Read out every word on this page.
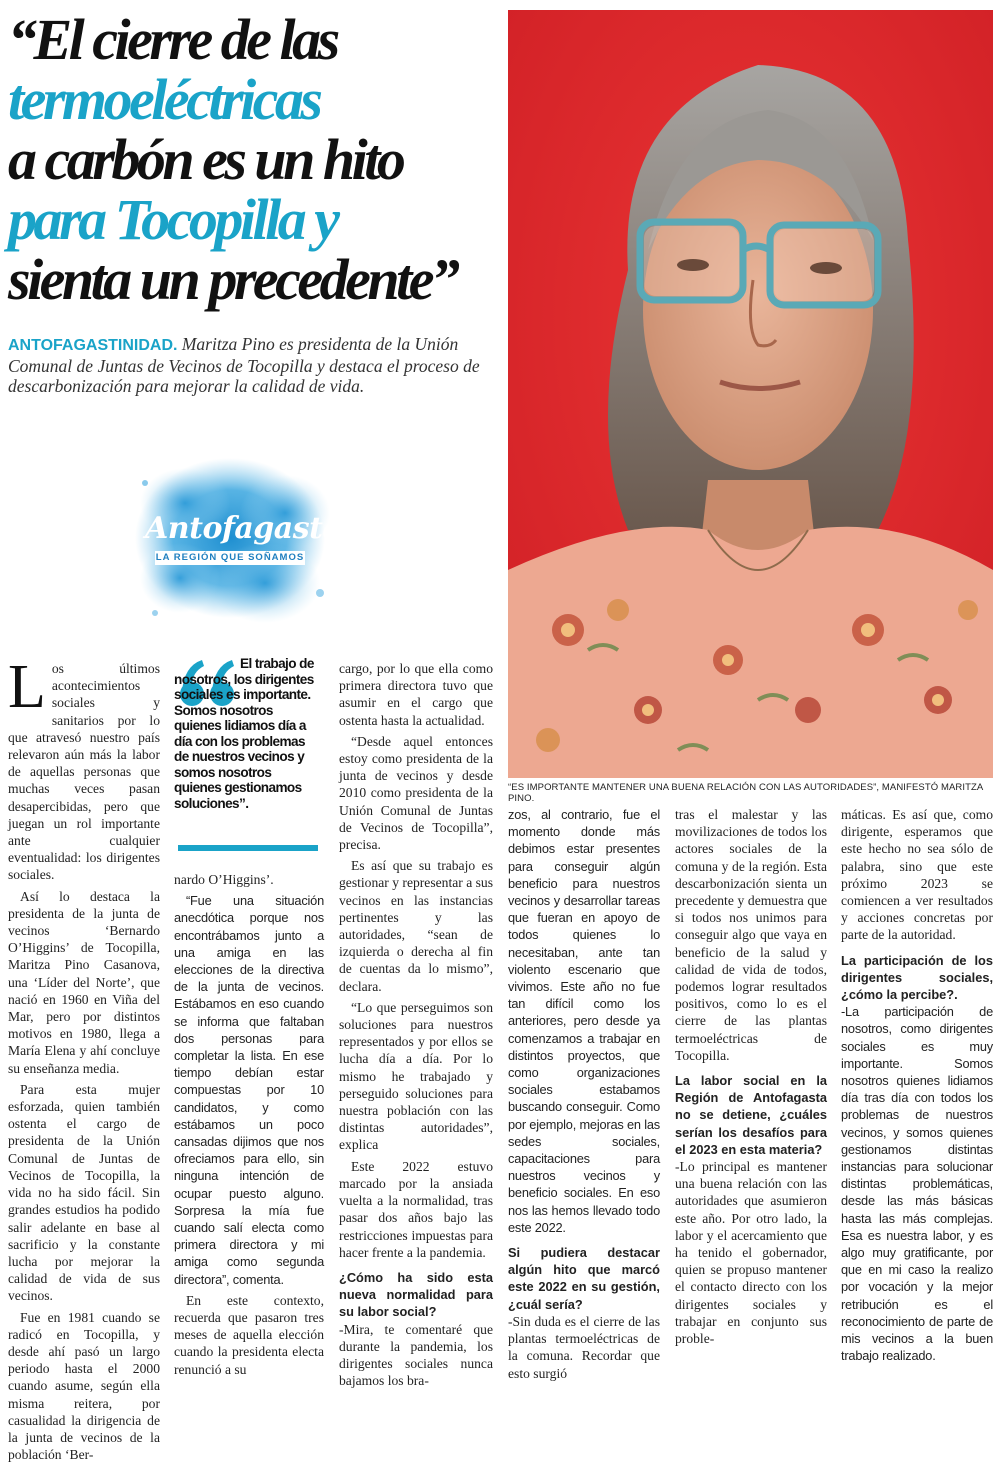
“El cierre de las
termoeléctricas
a carbón es un hito
para Tocopilla y
sienta un precedente”
ANTOFAGASTINIDAD. Maritza Pino es presidenta de la Unión Comunal de Juntas de Vecinos de Tocopilla y destaca el proceso de descarbonización para mejorar la calidad de vida.
Antofagasta
LA REGIÓN QUE SOÑAMOS
“ES IMPORTANTE MANTENER UNA BUENA RELACIÓN CON LAS AUTORIDADES”, MANIFESTÓ MARITZA PINO.

L os últimos acontecimientos sociales y sanitarios por lo que atravesó nuestro país relevaron aún más la labor de aquellas personas que muchas veces pasan desapercibidas, pero que juegan un rol importante ante cualquier eventualidad: los dirigentes sociales.

Así lo destaca la presidenta de la junta de vecinos ‘Bernardo O’Higgins’ de Tocopilla, Maritza Pino Casanova, una ‘Líder del Norte’, que nació en 1960 en Viña del Mar, pero por distintos motivos en 1980, llega a María Elena y ahí concluye su enseñanza media.

Para esta mujer esforzada, quien también ostenta el cargo de presidenta de la Unión Comunal de Juntas de Vecinos de Tocopilla, la vida no ha sido fácil. Sin grandes estudios ha podido salir adelante en base al sacrificio y la constante lucha por mejorar la calidad de vida de sus vecinos.

Fue en 1981 cuando se radicó en Tocopilla, y desde ahí pasó un largo periodo hasta el 2000 cuando asume, según ella misma reitera, por casualidad la dirigencia de la junta de vecinos de la población ‘Ber-

El trabajo de nosotros, los dirigentes sociales es importante. Somos nosotros quienes lidiamos día a día con los problemas de nuestros vecinos y somos nosotros quienes gestionamos soluciones”.

nardo O’Higgins’.

“Fue una situación anecdótica porque nos encontrábamos junto a una amiga en las elecciones de la directiva de la junta de vecinos. Estábamos en eso cuando se informa que faltaban dos personas para completar la lista. En ese tiempo debían estar compuestas por 10 candidatos, y como estábamos un poco cansadas dijimos que nos ofreciamos para ello, sin ninguna intención de ocupar puesto alguno. Sorpresa la mía fue cuando salí electa como primera directora y mi amiga como segunda directora”, comenta.

En este contexto, recuerda que pasaron tres meses de aquella elección cuando la presidenta electa renunció a su

cargo, por lo que ella como primera directora tuvo que asumir en el cargo que ostenta hasta la actualidad.

“Desde aquel entonces estoy como presidenta de la junta de vecinos y desde 2010 como presidenta de la Unión Comunal de Juntas de Vecinos de Tocopilla”, precisa.

Es así que su trabajo es gestionar y representar a sus vecinos en las instancias pertinentes y las autoridades, “sean de izquierda o derecha al fin de cuentas da lo mismo”, declara.

“Lo que perseguimos son soluciones para nuestros representados y por ellos se lucha día a día. Por lo mismo he trabajado y perseguido soluciones para nuestra población con las distintas autoridades”, explica

Este 2022 estuvo marcado por la ansiada vuelta a la normalidad, tras pasar dos años bajo las restricciones impuestas para hacer frente a la pandemia.

¿Cómo ha sido esta nueva normalidad para su labor social?

-Mira, te comentaré que durante la pandemia, los dirigentes sociales nunca bajamos los bra-

zos, al contrario, fue el momento donde más debimos estar presentes para conseguir algún beneficio para nuestros vecinos y desarrollar tareas que fueran en apoyo de todos quienes lo necesitaban, ante tan violento escenario que vivimos. Este año no fue tan difícil como los anteriores, pero desde ya comenzamos a trabajar en distintos proyectos, que como organizaciones sociales estabamos buscando conseguir. Como por ejemplo, mejoras en las sedes sociales, capacitaciones para nuestros vecinos y beneficio sociales. En eso nos las hemos llevado todo este 2022.

Si pudiera destacar algún hito que marcó este 2022 en su gestión, ¿cuál sería?

-Sin duda es el cierre de las plantas termoeléctricas de la comuna. Recordar que esto surgió

tras el malestar y las movilizaciones de todos los actores sociales de la comuna y de la región. Esta descarbonización sienta un precedente y demuestra que si todos nos unimos para conseguir algo que vaya en beneficio de la salud y calidad de vida de todos, podemos lograr resultados positivos, como lo es el cierre de las plantas termoeléctricas de Tocopilla.

La labor social en la Región de Antofagasta no se detiene, ¿cuáles serían los desafíos para el 2023 en esta materia?

-Lo principal es mantener una buena relación con las autoridades que asumieron este año. Por otro lado, la labor y el acercamiento que ha tenido el gobernador, quien se propuso mantener el contacto directo con los dirigentes sociales y trabajar en conjunto sus proble-

máticas. Es así que, como dirigente, esperamos que este hecho no sea sólo de palabra, sino que este próximo 2023 se comiencen a ver resultados y acciones concretas por parte de la autoridad.

La participación de los dirigentes sociales, ¿cómo la percibe?.

-La participación de nosotros, como dirigentes sociales es muy importante. Somos nosotros quienes lidiamos día tras día con todos los problemas de nuestros vecinos, y somos quienes gestionamos distintas instancias para solucionar distintas problemáticas, desde las más básicas hasta las más complejas. Esa es nuestra labor, y es algo muy gratificante, por que en mi caso la realizo por vocación y la mejor retribución es el reconocimiento de parte de mis vecinos a la buen trabajo realizado.
